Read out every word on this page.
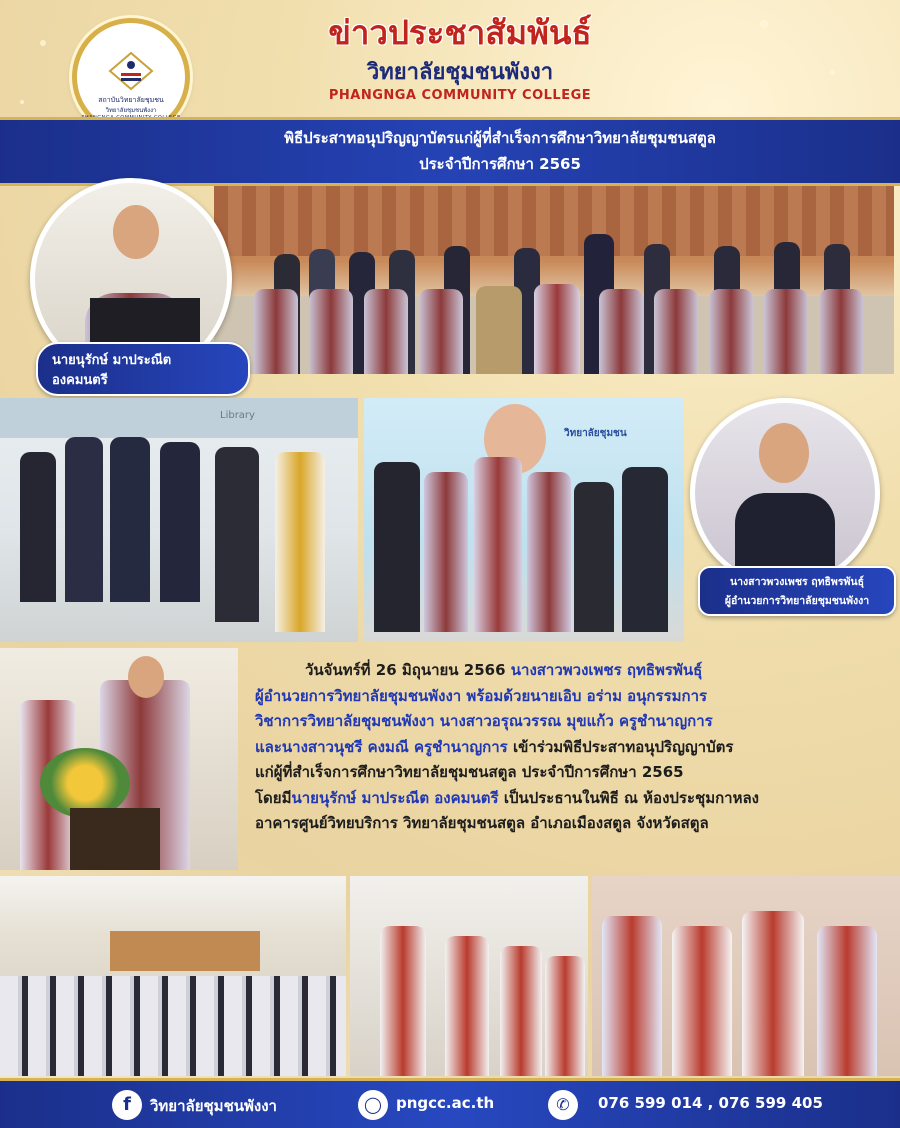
สถาบันวิทยาลัยชุมชน
วิทยาลัยชุมชนพังงา
ข่าวประชาสัมพันธ์
วิทยาลัยชุมชนพังงา
PHANGNGA COMMUNITY COLLEGE
พิธีประสาทอนุปริญญาบัตรแก่ผู้ที่สำเร็จการศึกษาวิทยาลัยชุมชนสตูล
ประจำปีการศึกษา 2565
นายนุรักษ์ มาประณีต
องคมนตรี
Library
วิทยาลัยชุมชน
นางสาวพวงเพชร ฤทธิพรพันธุ์
ผู้อำนวยการวิทยาลัยชุมชนพังงา
วันจันทร์ที่ 26 มิถุนายน 2566 นางสาวพวงเพชร ฤทธิพรพันธุ์
ผู้อำนวยการวิทยาลัยชุมชนพังงา พร้อมด้วยนายเอิบ อร่าม อนุกรรมการ
วิชาการวิทยาลัยชุมชนพังงา นางสาวอรุณวรรณ มุขแก้ว ครูชำนาญการ
และนางสาวนุชรี คงมณี ครูชำนาญการ เข้าร่วมพิธีประสาทอนุปริญญาบัตร
แก่ผู้ที่สำเร็จการศึกษาวิทยาลัยชุมชนสตูล ประจำปีการศึกษา 2565
โดยมีนายนุรักษ์ มาประณีต องคมนตรี เป็นประธานในพิธี ณ ห้องประชุมกาหลง
อาคารศูนย์วิทยบริการ วิทยาลัยชุมชนสตูล อำเภอเมืองสตูล จังหวัดสตูล
f	วิทยาลัยชุมชนพังงา	◯ pngcc.ac.th	✆	076 599 014 , 076 599 405
